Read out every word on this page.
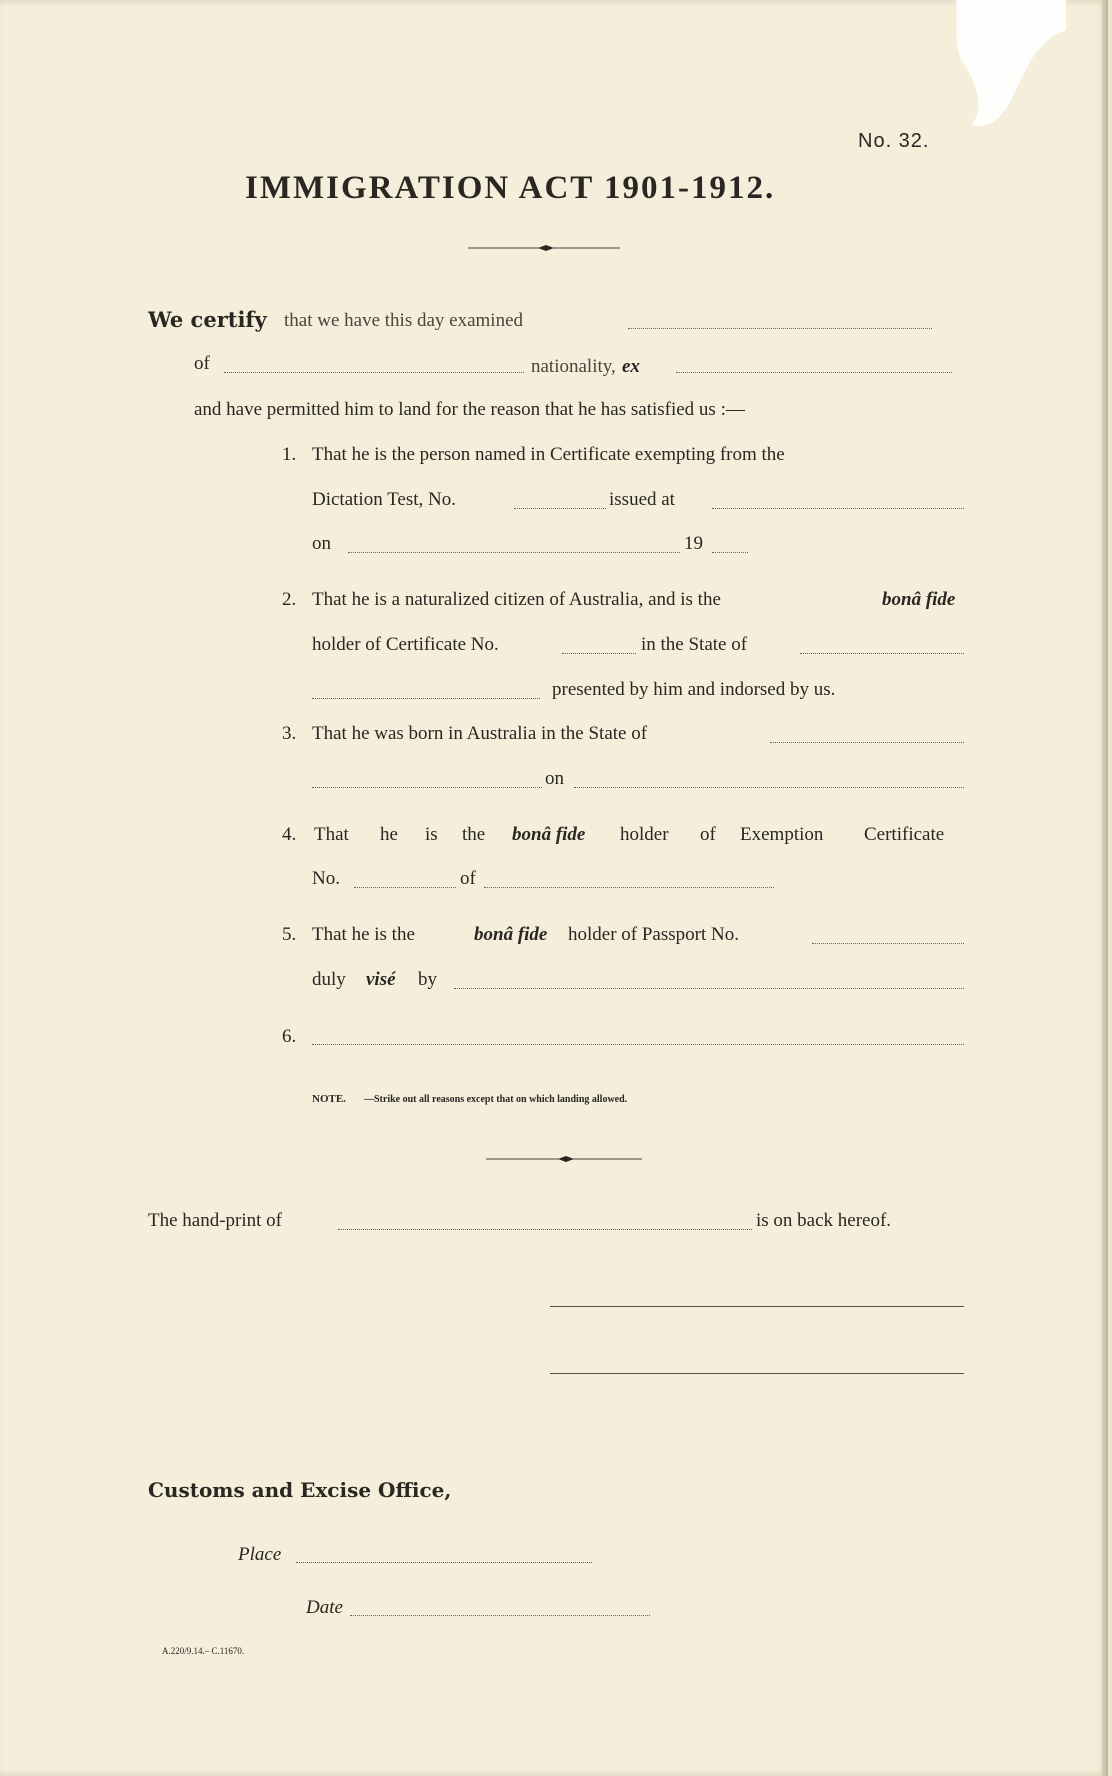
No. 32.
IMMIGRATION ACT 1901-1912.
We certify that we have this day examined
of	nationality, ex
and have permitted him to land for the reason that he has satisfied us :—
1. That he is the person named in Certificate exempting from the
Dictation Test, No.	issued at
on	19
2. That he is a naturalized citizen of Australia, and is the	bonâ fide
holder of Certificate No.	in the State of
presented by him and indorsed by us.
3. That he was born in Australia in the State of
on
4. That he is the bonâ fide holder of Exemption Certificate
No.	of
5. That he is the	bonâ fide holder of Passport No.
duly visé by
6.
NOTE. —Strike out all reasons except that on which landing allowed.
The hand-print of	is on back hereof.
Customs and Excise Office,
Place
Date
A.220/9.14.– C.11670.
